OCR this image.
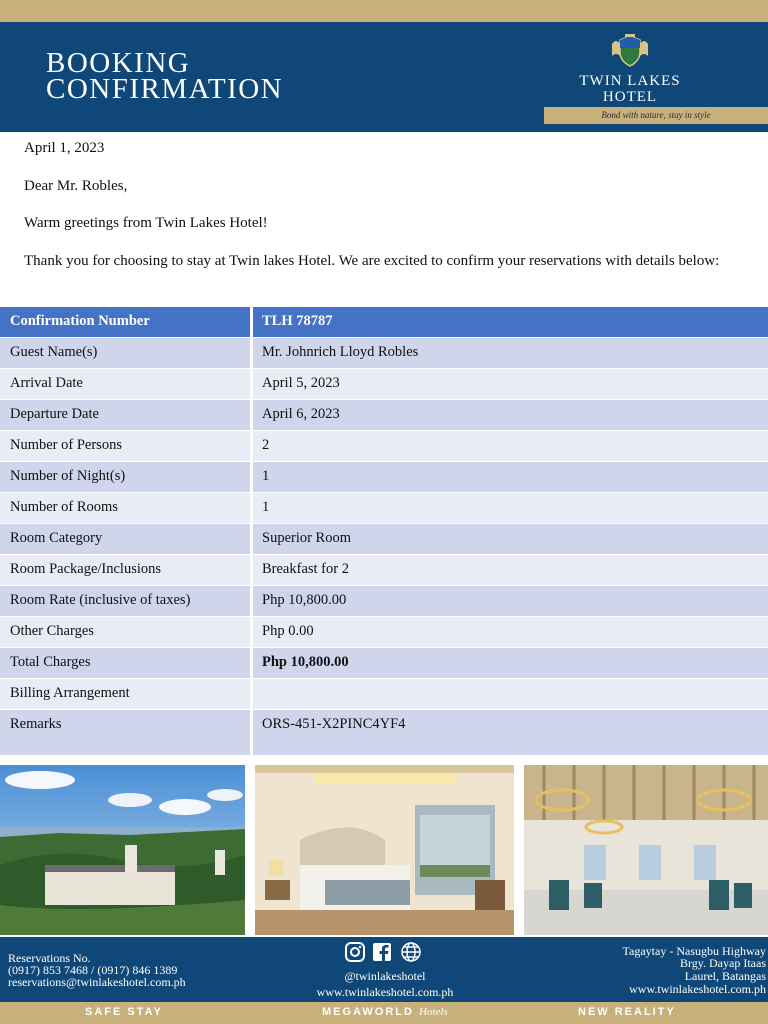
BOOKING
CONFIRMATION	TWIN LAKES
HOTEL
Bond with nature, stay in style
April 1, 2023
Dear Mr. Robles,
Warm greetings from Twin Lakes Hotel!
Thank you for choosing to stay at Twin lakes Hotel. We are excited to confirm your reservations with details below:
Confirmation Number	TLH 78787
Guest Name(s)	Mr. Johnrich Lloyd Robles
Arrival Date	April 5, 2023
Departure Date	April 6, 2023
Number of Persons	2
Number of Night(s)	1
Number of Rooms	1
Room Category	Superior Room
Room Package/Inclusions	Breakfast for 2
Room Rate (inclusive of taxes)	Php 10,800.00
Other Charges	Php 0.00
Total Charges	Php 10,800.00
Billing Arrangement
Remarks	ORS-451-X2PINC4YF4
Reservations No.
(0917) 853 7468 / (0917) 846 1389
reservations@twinlakeshotel.com.ph	@twinlakeshotel
www.twinlakeshotel.com.ph
Tagaytay - Nasugbu Highway
Brgy. Dayap Itaas
Laurel, Batangas
www.twinlakeshotel.com.ph
SAFE STAY	MEGAWORLD Hotels	NEW REALITY
